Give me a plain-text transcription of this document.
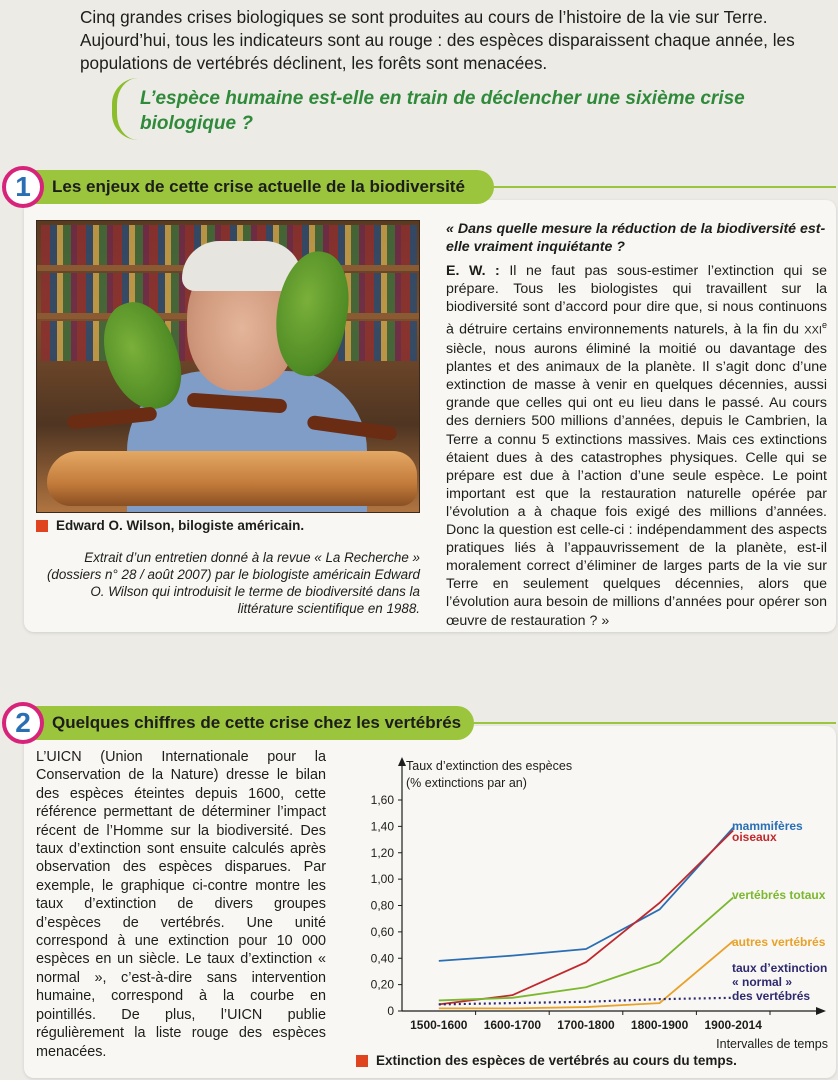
Cinq grandes crises biologiques se sont produites au cours de l’histoire de la vie sur Terre. Aujourd’hui, tous les indicateurs sont au rouge : des espèces disparaissent chaque année, les populations de vertébrés déclinent, les forêts sont menacées.

L’espèce humaine est-elle en train de déclencher une sixième crise biologique ?

1	Les enjeux de cette crise actuelle de la biodiversité
Edward O. Wilson, bilogiste américain.

Extrait d’un entretien donné à la revue « La Recherche » (dossiers n° 28 / août 2007) par le biologiste américain Edward O. Wilson qui introduisit le terme de biodiversité dans la littérature scientifique en 1988.

« Dans quelle mesure la réduction de la biodiversité est-elle vraiment inquiétante ?

E. W. : Il ne faut pas sous-estimer l’extinction qui se prépare. Tous les biologistes qui travaillent sur la biodiversité sont d’accord pour dire que, si nous continuons à détruire certains environnements naturels, à la fin du XXIe siècle, nous aurons éliminé la moitié ou davantage des plantes et des animaux de la planète. Il s’agit donc d’une extinction de masse à venir en quelques décennies, aussi grande que celles qui ont eu lieu dans le passé. Au cours des derniers 500 millions d’années, depuis le Cambrien, la Terre a connu 5 extinctions massives. Mais ces extinctions étaient dues à des catastrophes physiques. Celle qui se prépare est due à l’action d’une seule espèce. Le point important est que la restauration naturelle opérée par l’évolution a à chaque fois exigé des millions d’années. Donc la question est celle-ci : indépendamment des aspects pratiques liés à l’appauvrissement de la planète, est-il moralement correct d’éliminer de larges parts de la vie sur Terre en seulement quelques décennies, alors que l’évolution aura besoin de millions d’années pour opérer son œuvre de restauration ? »

2	Quelques chiffres de cette crise chez les vertébrés

L’UICN (Union Internationale pour la Conservation de la Nature) dresse le bilan des espèces éteintes depuis 1600, cette référence permettant de déterminer l’impact récent de l’Homme sur la biodiversité. Des taux d’extinction sont ensuite calculés après observation des espèces disparues. Par exemple, le graphique ci-contre montre les taux d’extinction de divers groupes d’espèces de vertébrés. Une unité correspond à une extinction pour 10 000 espèces en un siècle. Le taux d’extinction « normal », c’est-à-dire sans intervention humaine, correspond à la courbe en pointillés. De plus, l’UICN publie régulièrement la liste rouge des espèces menacées.

0
0,20
0,40
0,60
0,80
1,00
1,20
1,40
1,60
1500-1600 1600-1700 1700-1800 1800-1900 1900-2014
mammifères
oiseaux
vertébrés totaux
autres vertébrés
taux d’extinction
« normal »
des vertébrés
Taux d’extinction des espèces
(% extinctions par an)
Intervalles de temps
Extinction des espèces de vertébrés au cours du temps.
